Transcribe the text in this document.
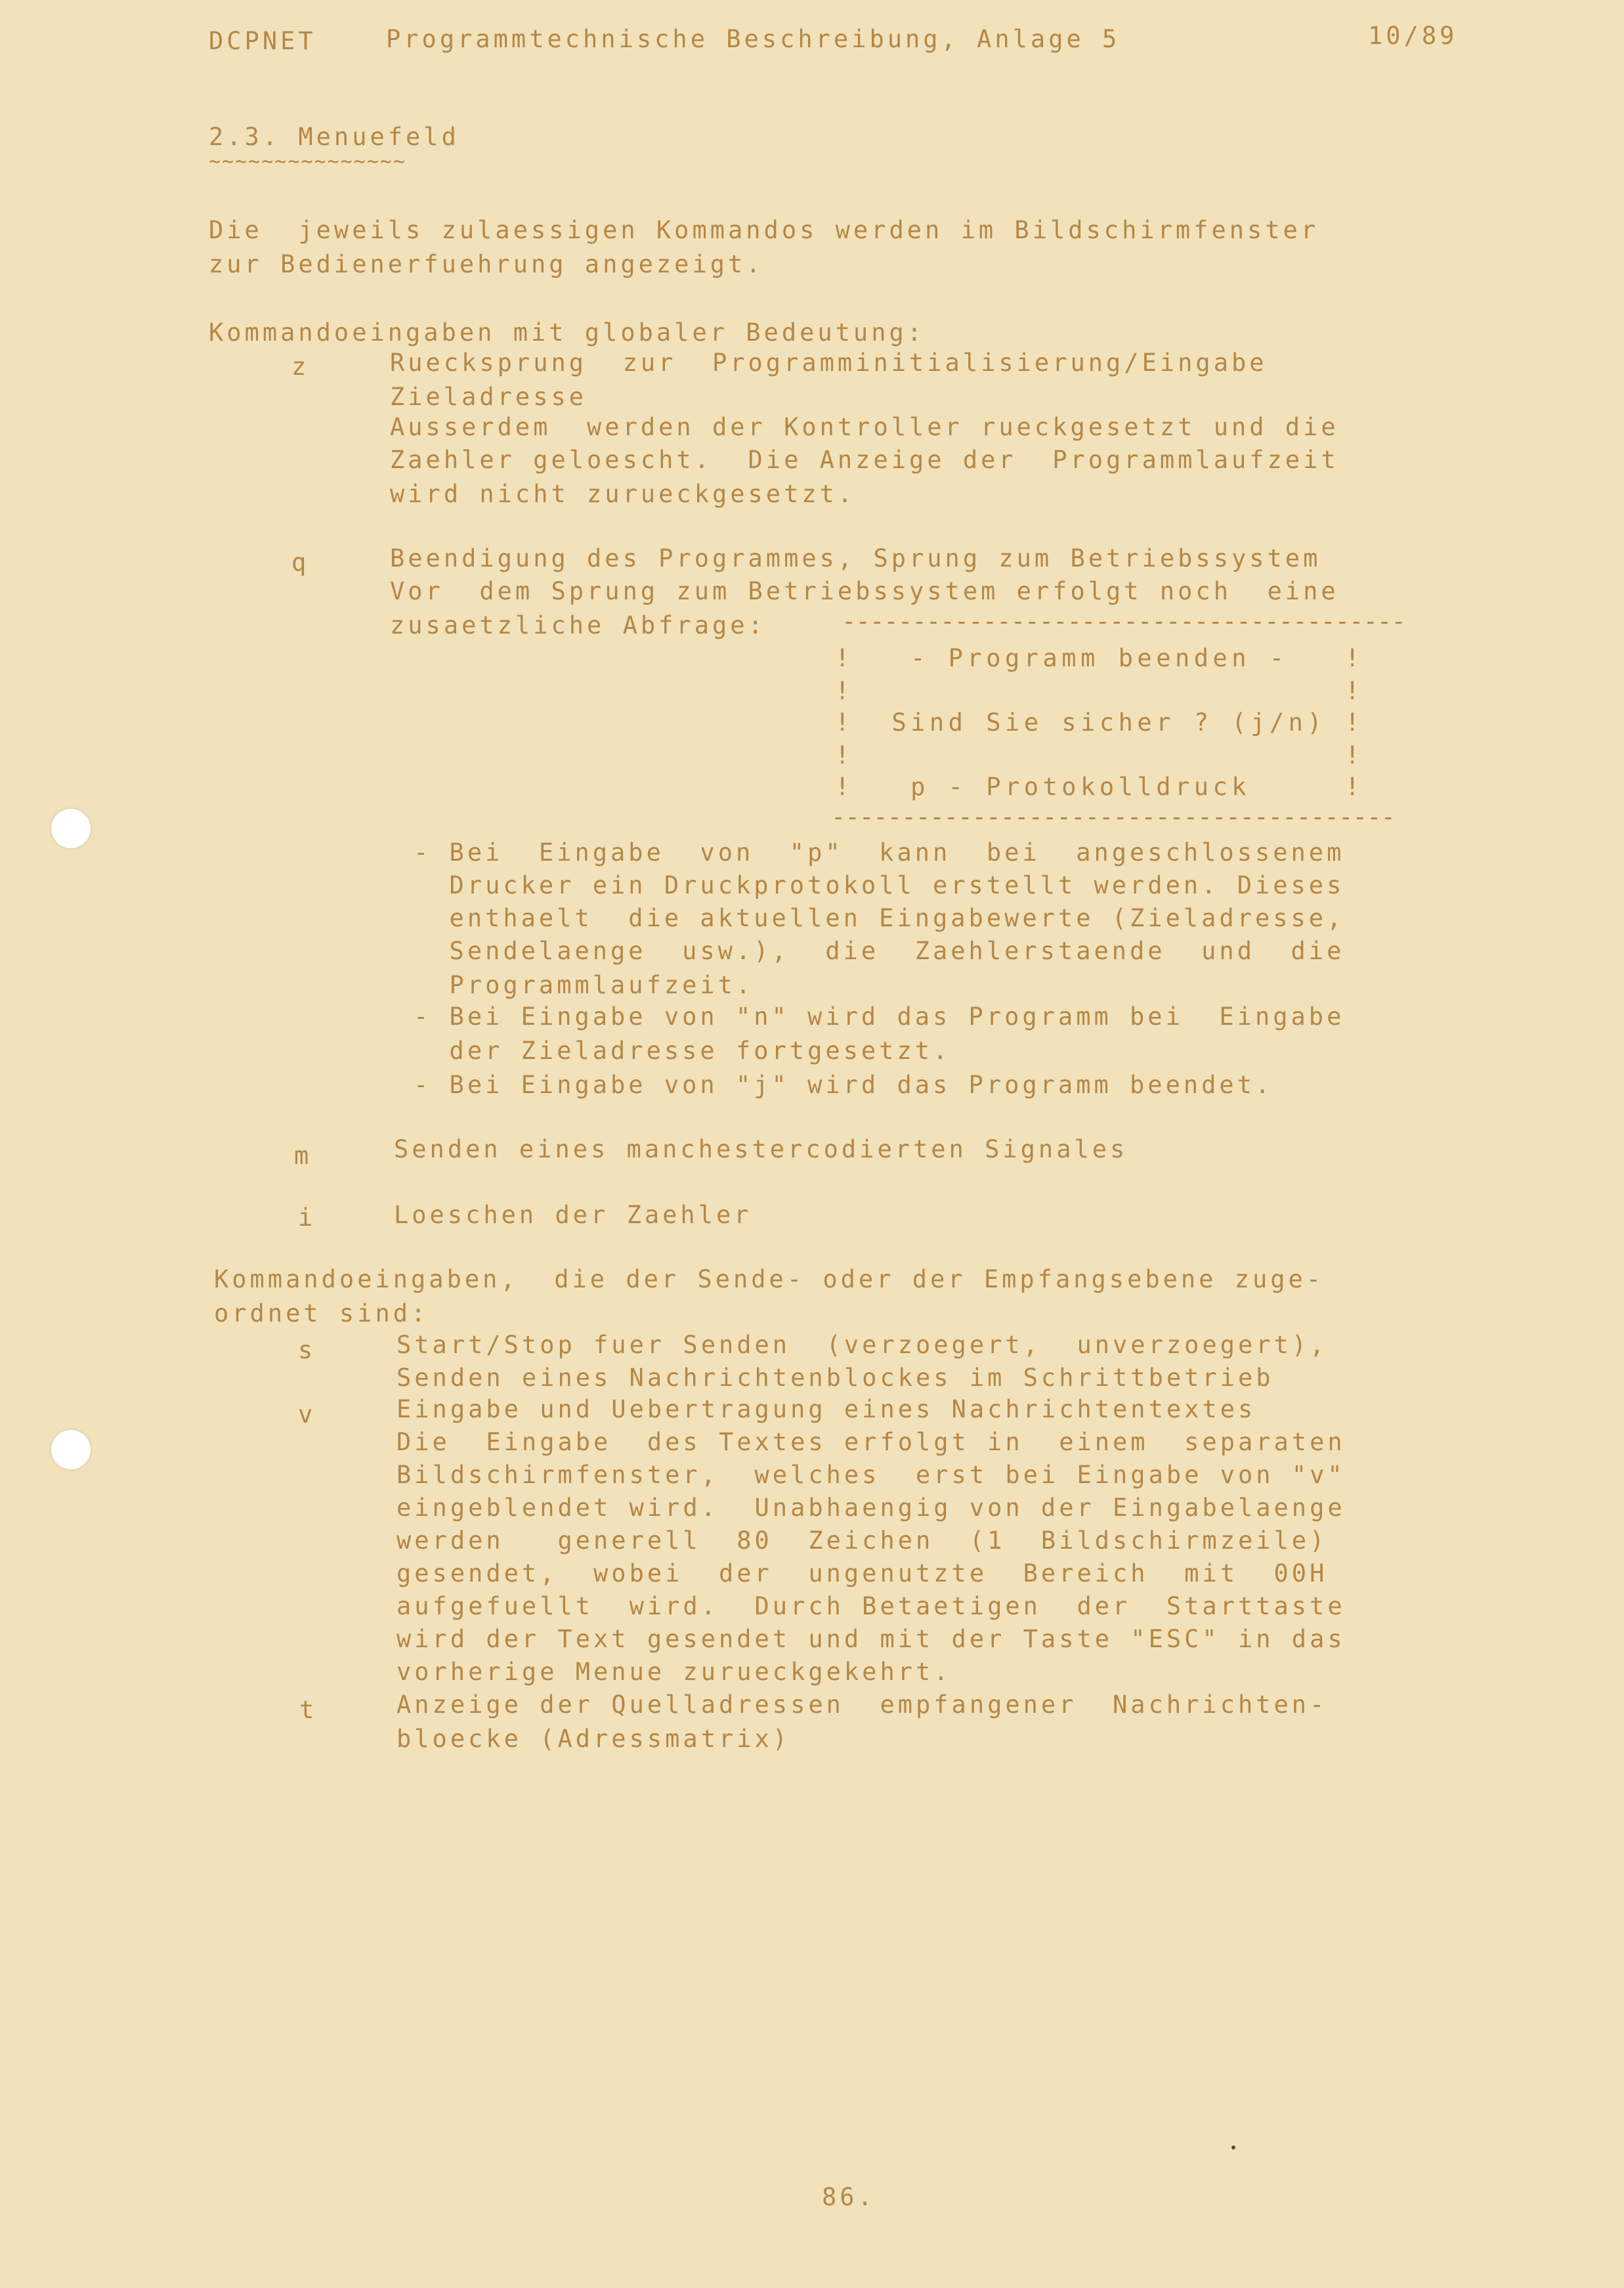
DCPNET	Programmtechnische Beschreibung, Anlage 5	10/89
2.3. Menuefeld
~~~~~~~~~~~~~~~
Die  jeweils zulaessigen Kommandos werden im Bildschirmfenster
zur Bedienerfuehrung angezeigt.
Kommandoeingaben mit globaler Bedeutung:
z	Ruecksprung  zur  Programminitialisierung/Eingabe
Zieladresse
Ausserdem  werden der Kontroller rueckgesetzt und die
Zaehler geloescht.  Die Anzeige der  Programmlaufzeit
wird nicht zurueckgesetzt.
q	Beendigung des Programmes, Sprung zum Betriebssystem
Vor  dem Sprung zum Betriebssystem erfolgt noch  eine
zusaetzliche Abfrage:	----------------------------------------
!   - Programm beenden -   !
!                          !
!  Sind Sie sicher ? (j/n) !
!                          !
!   p - Protokolldruck     !
----------------------------------------
- Bei  Eingabe  von  "p"  kann  bei  angeschlossenem
Drucker ein Druckprotokoll erstellt werden. Dieses
enthaelt  die aktuellen Eingabewerte (Zieladresse,
Sendelaenge  usw.),  die  Zaehlerstaende  und  die
Programmlaufzeit.
- Bei Eingabe von "n" wird das Programm bei  Eingabe
der Zieladresse fortgesetzt.
- Bei Eingabe von "j" wird das Programm beendet.
m	Senden eines manchestercodierten Signales
i	Loeschen der Zaehler
Kommandoeingaben,  die der Sende- oder der Empfangsebene zuge-
ordnet sind:
s	Start/Stop fuer Senden  (verzoegert,  unverzoegert),
Senden eines Nachrichtenblockes im Schrittbetrieb
v	Eingabe und Uebertragung eines Nachrichtentextes
Die  Eingabe  des Textes erfolgt in  einem  separaten
Bildschirmfenster,  welches  erst bei Eingabe von "v"
eingeblendet wird.  Unabhaengig von der Eingabelaenge
werden   generell  80  Zeichen  (1  Bildschirmzeile)
gesendet,  wobei  der  ungenutzte  Bereich  mit  00H
aufgefuellt  wird.  Durch Betaetigen  der  Starttaste
wird der Text gesendet und mit der Taste "ESC" in das
vorherige Menue zurueckgekehrt.
t	Anzeige der Quelladressen  empfangener  Nachrichten-
bloecke (Adressmatrix)
86.
